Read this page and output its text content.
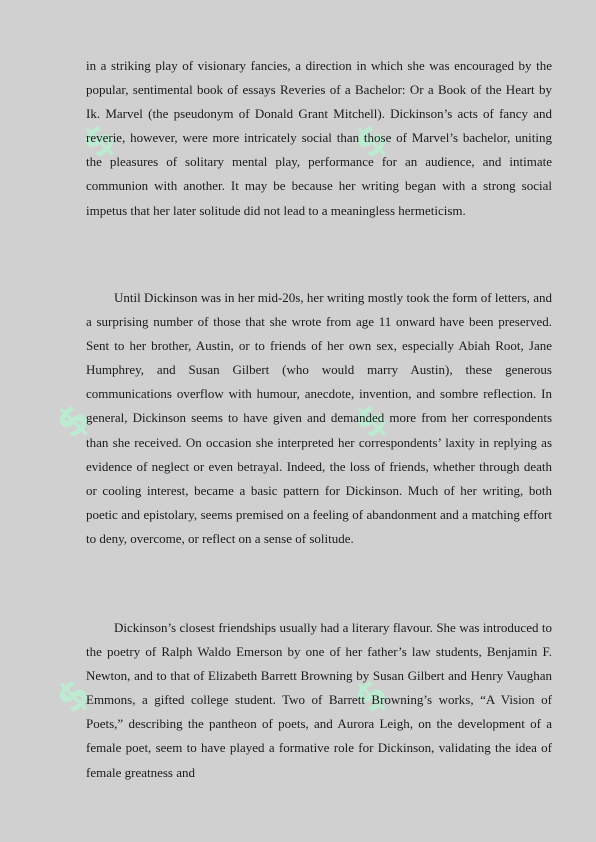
$	$
$	$
$	$

in a striking play of visionary fancies, a direction in which she was encouraged by the popular, sentimental book of essays Reveries of a Bachelor: Or a Book of the Heart by Ik. Marvel (the pseudonym of Donald Grant Mitchell). Dickinson’s acts of fancy and reverie, however, were more intricately social than those of Marvel’s bachelor, uniting the pleasures of solitary mental play, performance for an audience, and intimate communion with another. It may be because her writing began with a strong social impetus that her later solitude did not lead to a meaningless hermeticism.

Until Dickinson was in her mid-20s, her writing mostly took the form of letters, and a surprising number of those that she wrote from age 11 onward have been preserved. Sent to her brother, Austin, or to friends of her own sex, especially Abiah Root, Jane Humphrey, and Susan Gilbert (who would marry Austin), these generous communications overflow with humour, anecdote, invention, and sombre reflection. In general, Dickinson seems to have given and demanded more from her correspondents than she received. On occasion she interpreted her correspondents’ laxity in replying as evidence of neglect or even betrayal. Indeed, the loss of friends, whether through death or cooling interest, became a basic pattern for Dickinson. Much of her writing, both poetic and epistolary, seems premised on a feeling of abandonment and a matching effort to deny, overcome, or reflect on a sense of solitude.

Dickinson’s closest friendships usually had a literary flavour. She was introduced to the poetry of Ralph Waldo Emerson by one of her father’s law students, Benjamin F. Newton, and to that of Elizabeth Barrett Browning by Susan Gilbert and Henry Vaughan Emmons, a gifted college student. Two of Barrett Browning’s works, “A Vision of Poets,” describing the pantheon of poets, and Aurora Leigh, on the development of a female poet, seem to have played a formative role for Dickinson, validating the idea of female greatness and
